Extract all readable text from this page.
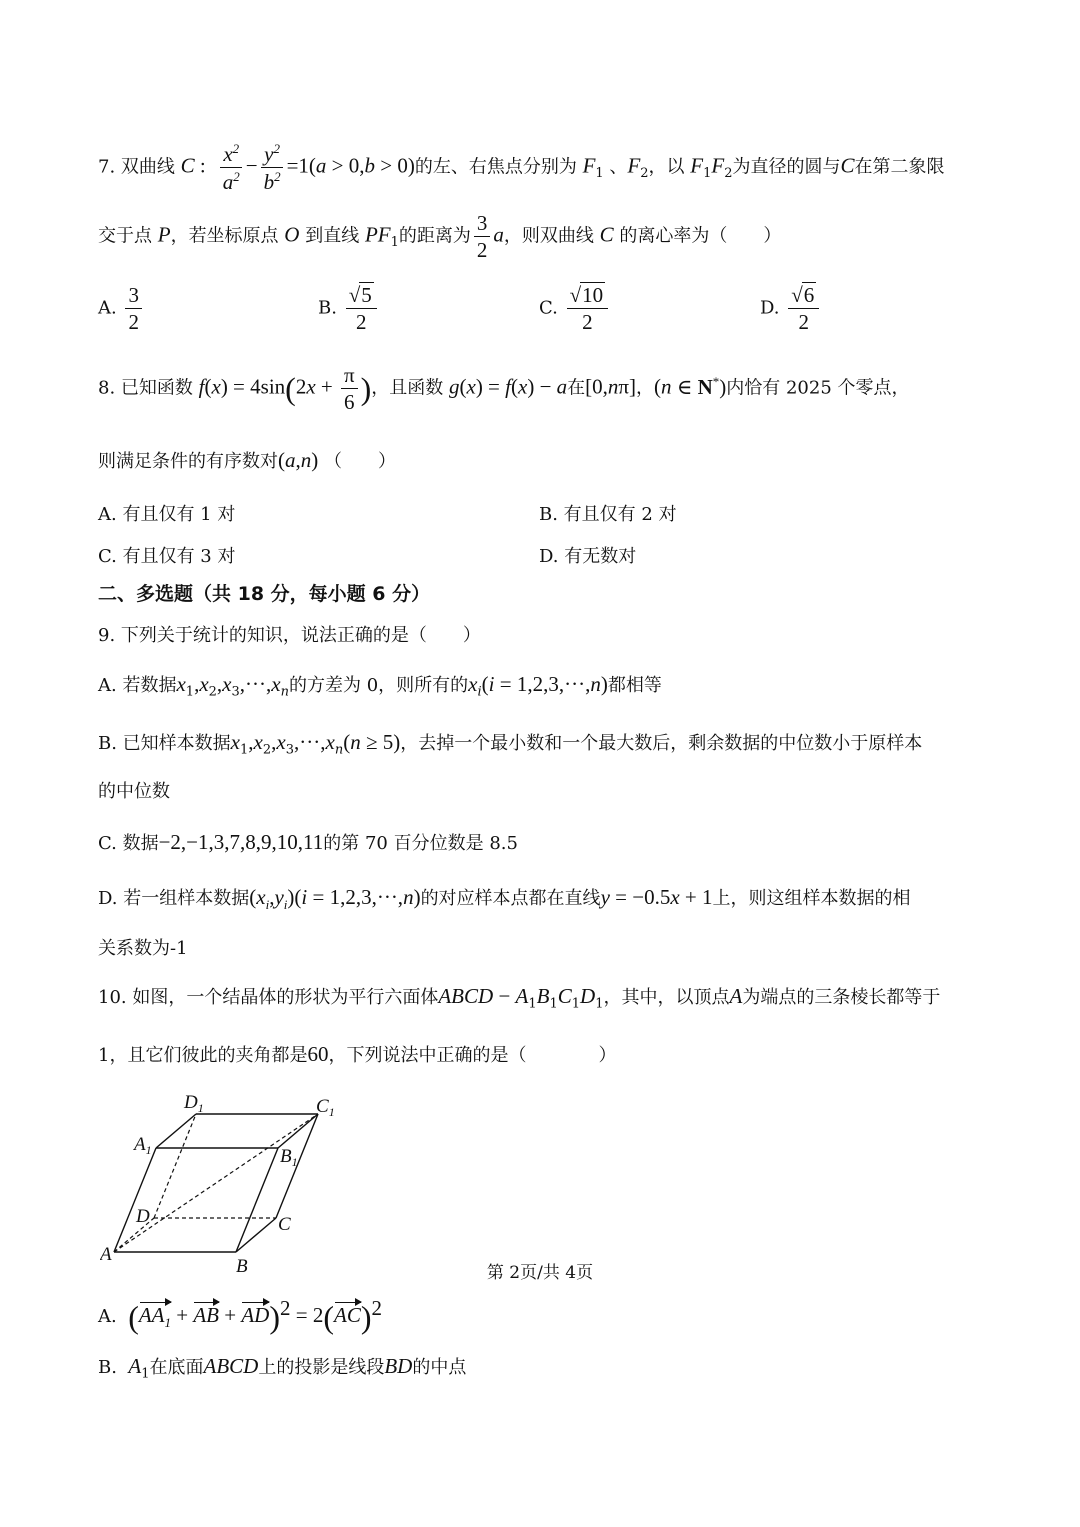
7. 双曲线 C : $\frac{x^2}{a^2} - \frac{y^2}{b^2} =1(a > 0,b > 0)$的左、右焦点分别为 $F_1$ 、$F_2$，以 $F_1F_2$为直径的圆与C在第二象限
交于点 P，若坐标原点 O 到直线 $PF_1$的距离为 $\frac{3}{2}$ a，则双曲线 C 的离心率为（　　）
A. $\frac{3}{2}$	B. $\frac{√5}{2}$	C. $\frac{√10}{2}$	D. $\frac{√6}{2}$
8. 已知函数 $f(x) = 4\sin(2x + \frac{\pi}{6}$ )，且函数 g(x) = f(x) − a在[0,nπ]，(n ∈ N*)内恰有 2025 个零点，
则满足条件的有序数对(a,n) （　　）
A. 有且仅有 1 对	B. 有且仅有 2 对
C. 有且仅有 3 对	D. 有无数对
二、多选题（共 18 分，每小题 6 分）
9. 下列关于统计的知识，说法正确的是（　　）
A. 若数据$x_1,x_2,x_3,\cdot\cdot\cdot,x_n$的方差为 0，则所有的$x_i(i = 1,2,3,\cdot\cdot\cdot,n)$都相等
B. 已知样本数据$x_1,x_2,x_3,\cdot\cdot\cdot,x_n(n \ge 5)$，去掉一个最小数和一个最大数后，剩余数据的中位数小于原样本
的中位数
C. 数据−2,−1,3,7,8,9,10,11的第 70 百分位数是 8.5
D. 若一组样本数据$(x_i,y_i)(i = 1,2,3,\cdot\cdot\cdot,n)$的对应样本点都在直线y = −0.5x + 1上，则这组样本数据的相
关系数为-1
10. 如图，一个结晶体的形状为平行六面体ABCD − $A_1B_1C_1D_1$，其中，以顶点A为端点的三条棱长都等于
1，且它们彼此的夹角都是60，下列说法中正确的是（　　　　）
$D_1$	$C_1$
$A_1$	$B_1$
D	C
A
B
A. ($AA_1$ + AB + AD)$^2$ = 2(AC)$^2$
B. $A_1$在底面ABCD上的投影是线段BD的中点
第 2页/共 4页
